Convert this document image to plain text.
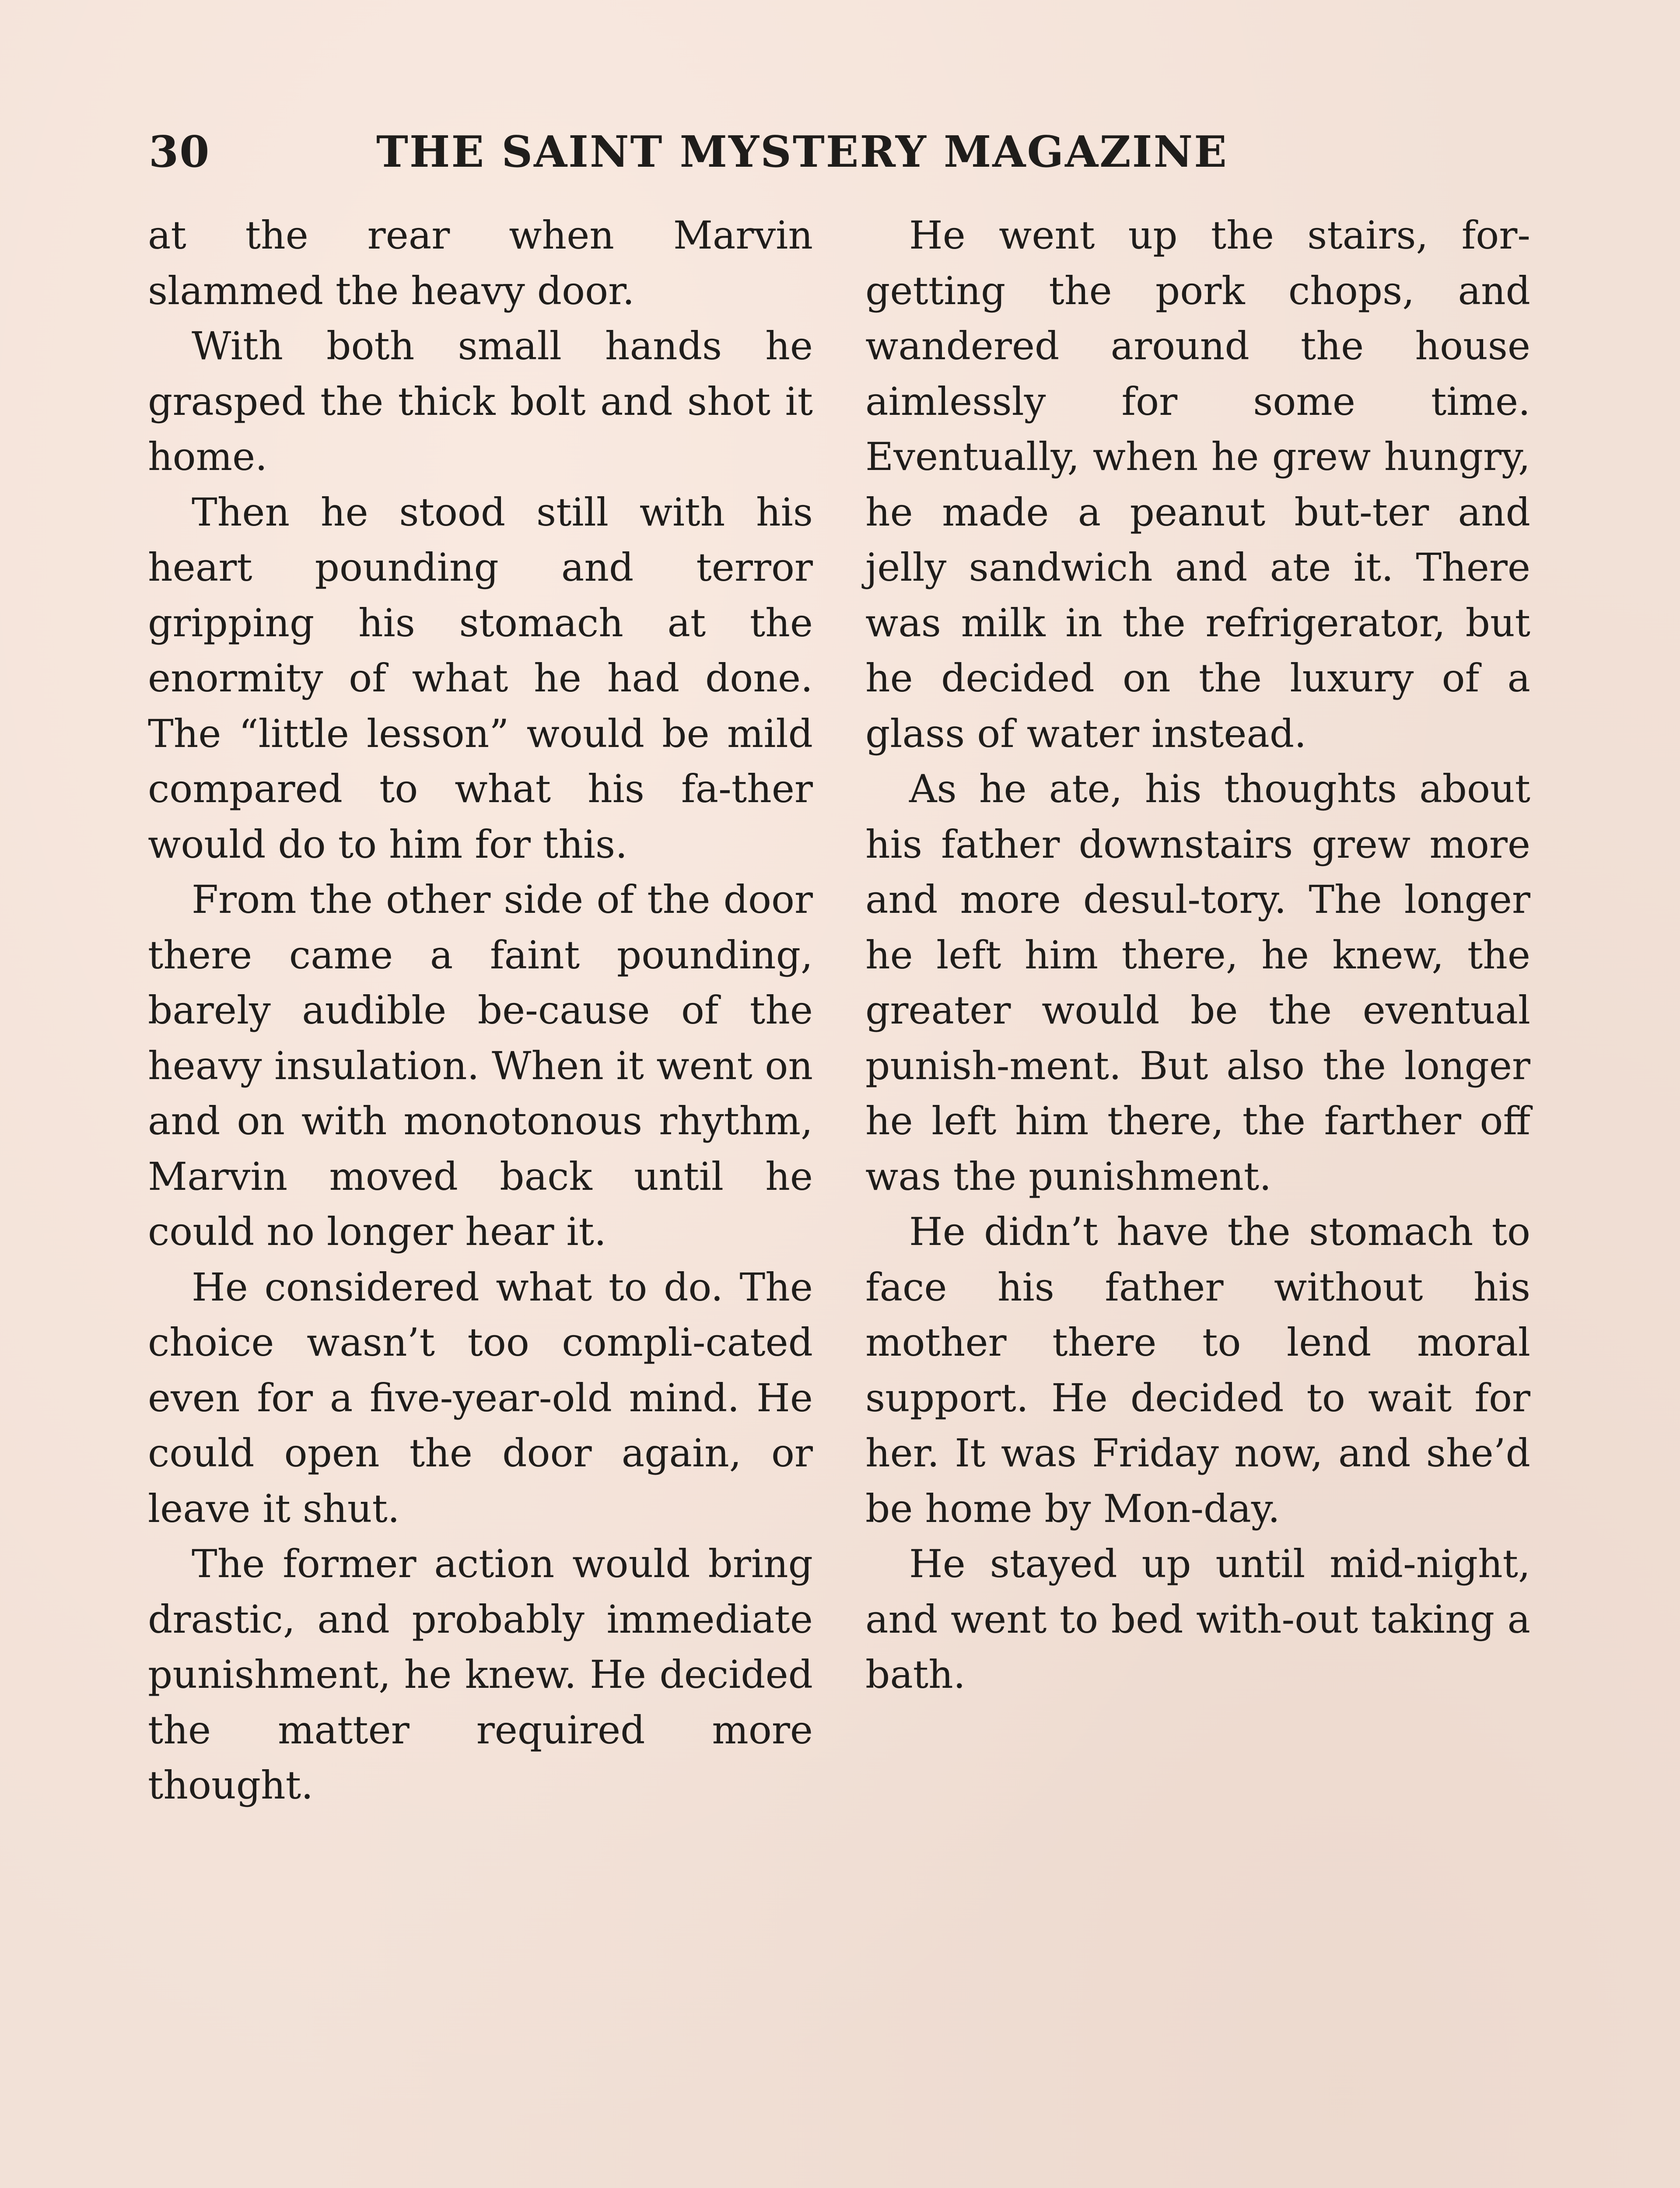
30	THE SAINT MYSTERY MAGAZINE

at the rear when Marvin slammed the heavy door.

With both small hands he grasped the thick bolt and shot it home.

Then he stood still with his heart pounding and terror gripping his stomach at the enormity of what he had done. The “little lesson” would be mild compared to what his fa-ther would do to him for this.

From the other side of the door there came a faint pounding, barely audible be-cause of the heavy insulation. When it went on and on with monotonous rhythm, Marvin moved back until he could no longer hear it.

He considered what to do. The choice wasn’t too compli-cated even for a five-year-old mind. He could open the door again, or leave it shut.

The former action would bring drastic, and probably immediate punishment, he knew. He decided the matter required more thought.

He went up the stairs, for-getting the pork chops, and wandered around the house aimlessly for some time. Eventually, when he grew hungry, he made a peanut but-ter and jelly sandwich and ate it. There was milk in the refrigerator, but he decided on the luxury of a glass of water instead.

As he ate, his thoughts about his father downstairs grew more and more desul-tory. The longer he left him there, he knew, the greater would be the eventual punish-ment. But also the longer he left him there, the farther off was the punishment.

He didn’t have the stomach to face his father without his mother there to lend moral support. He decided to wait for her. It was Friday now, and she’d be home by Mon-day.

He stayed up until mid-night, and went to bed with-out taking a bath.
